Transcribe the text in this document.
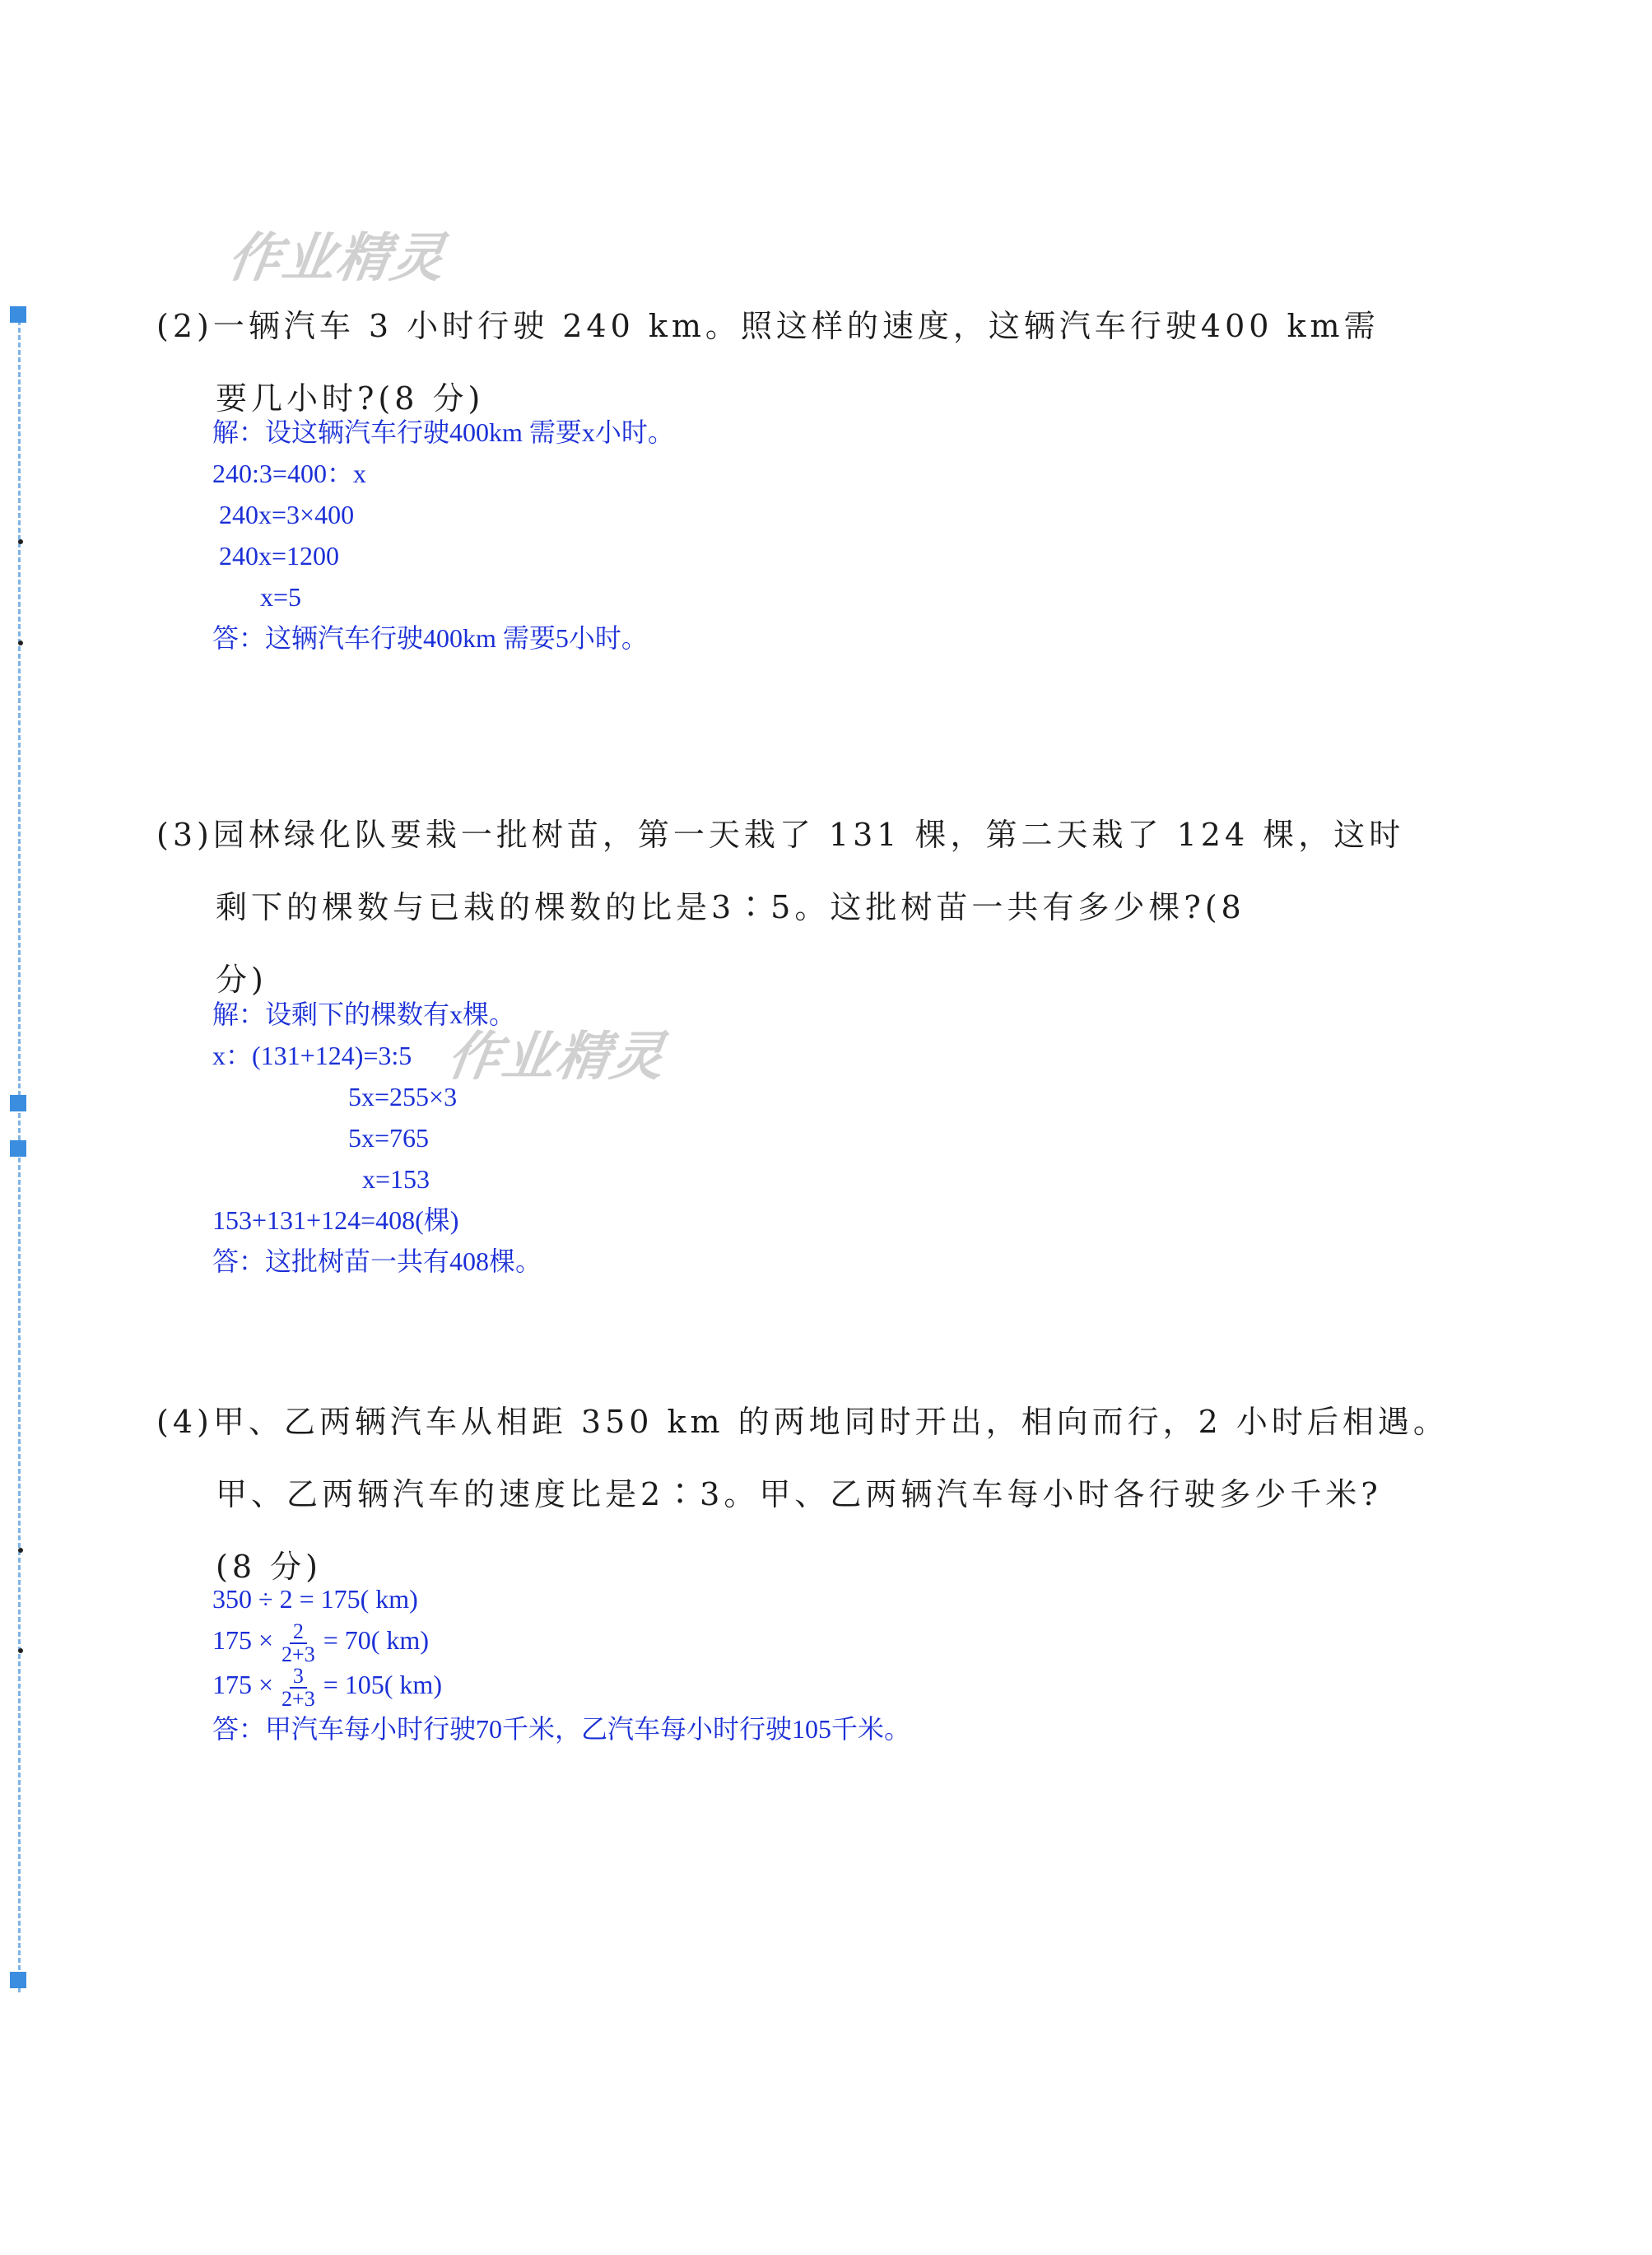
作业精灵
作业精灵
(2)一辆汽车 3 小时行驶 240 km。照这样的速度，这辆汽车行驶400 km需
要几小时?(8 分)
解：设这辆汽车行驶400km 需要x小时。
240:3=400：x
240x=3×400
240x=1200
x=5
答：这辆汽车行驶400km 需要5小时。
(3)园林绿化队要栽一批树苗，第一天栽了 131 棵，第二天栽了 124 棵，这时
剩下的棵数与已栽的棵数的比是3∶5。这批树苗一共有多少棵?(8
分)
解：设剩下的棵数有x棵。
x：(131+124)=3:5
5x=255×3
5x=765
x=153
153+131+124=408(棵)
答：这批树苗一共有408棵。
(4)甲、乙两辆汽车从相距 350 km 的两地同时开出，相向而行，2 小时后相遇。
甲、乙两辆汽车的速度比是2∶3。甲、乙两辆汽车每小时各行驶多少千米?
(8 分)
350 ÷ 2 = 175( km)
$175 \times \frac{2}{2+3} = 70$( km)
$175 \times \frac{3}{2+3} = 105$( km)
答：甲汽车每小时行驶70千米，乙汽车每小时行驶105千米。
